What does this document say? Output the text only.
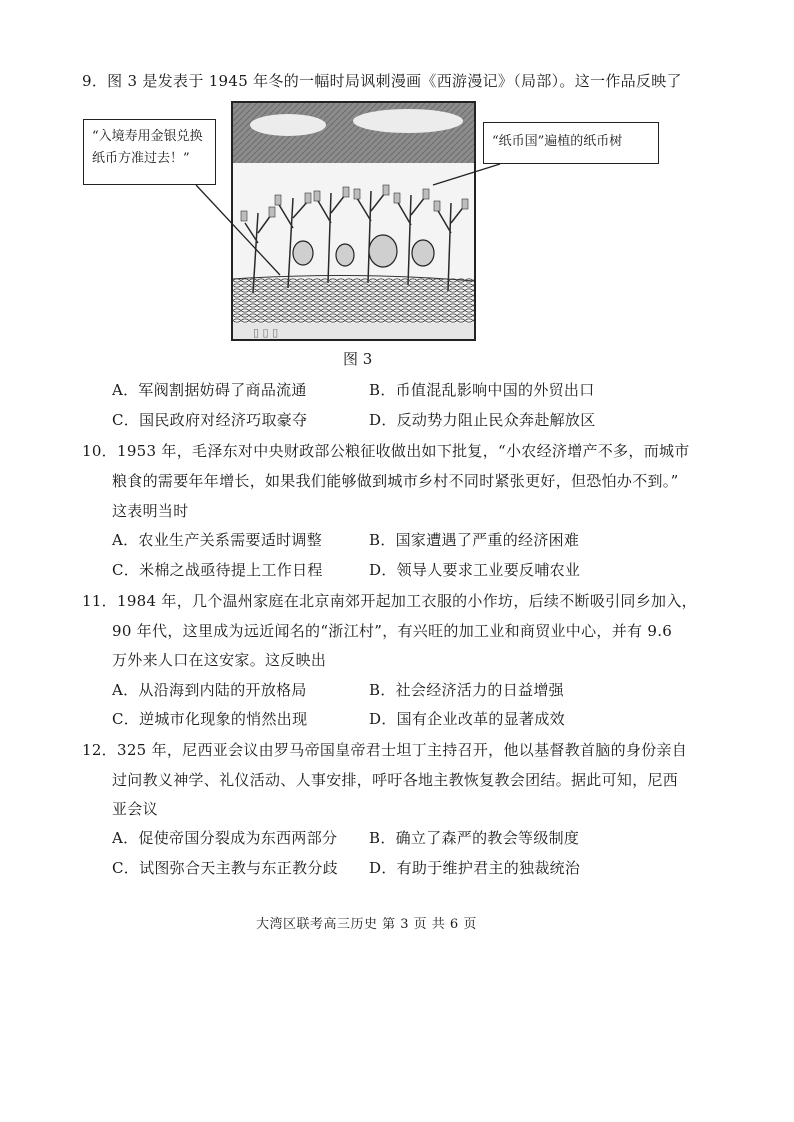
9．图 3 是发表于 1945 年冬的一幅时局讽刺漫画《西游漫记》（局部）。这一作品反映了
“入境寿用金银兑换
纸币方准过去！”
“纸币国”遍植的纸币树
▯ ▯ ▯
图 3
A．军阀割据妨碍了商品流通	B．币值混乱影响中国的外贸出口
C．国民政府对经济巧取豪夺	D．反动势力阻止民众奔赴解放区
10．1953 年，毛泽东对中央财政部公粮征收做出如下批复，“小农经济增产不多，而城市
粮食的需要年年增长，如果我们能够做到城市乡村不同时紧张更好，但恐怕办不到。”
这表明当时
A．农业生产关系需要适时调整	B．国家遭遇了严重的经济困难
C．米棉之战亟待提上工作日程	D．领导人要求工业要反哺农业
11．1984 年，几个温州家庭在北京南郊开起加工衣服的小作坊，后续不断吸引同乡加入，
90 年代，这里成为远近闻名的“浙江村”，有兴旺的加工业和商贸业中心，并有 9.6
万外来人口在这安家。这反映出
A．从沿海到内陆的开放格局	B．社会经济活力的日益增强
C．逆城市化现象的悄然出现	D．国有企业改革的显著成效
12．325 年，尼西亚会议由罗马帝国皇帝君士坦丁主持召开，他以基督教首脑的身份亲自
过问教义神学、礼仪活动、人事安排，呼吁各地主教恢复教会团结。据此可知，尼西
亚会议
A．促使帝国分裂成为东西两部分 B．确立了森严的教会等级制度
C．试图弥合天主教与东正教分歧 D．有助于维护君主的独裁统治
大湾区联考高三历史 第 3 页 共 6 页
